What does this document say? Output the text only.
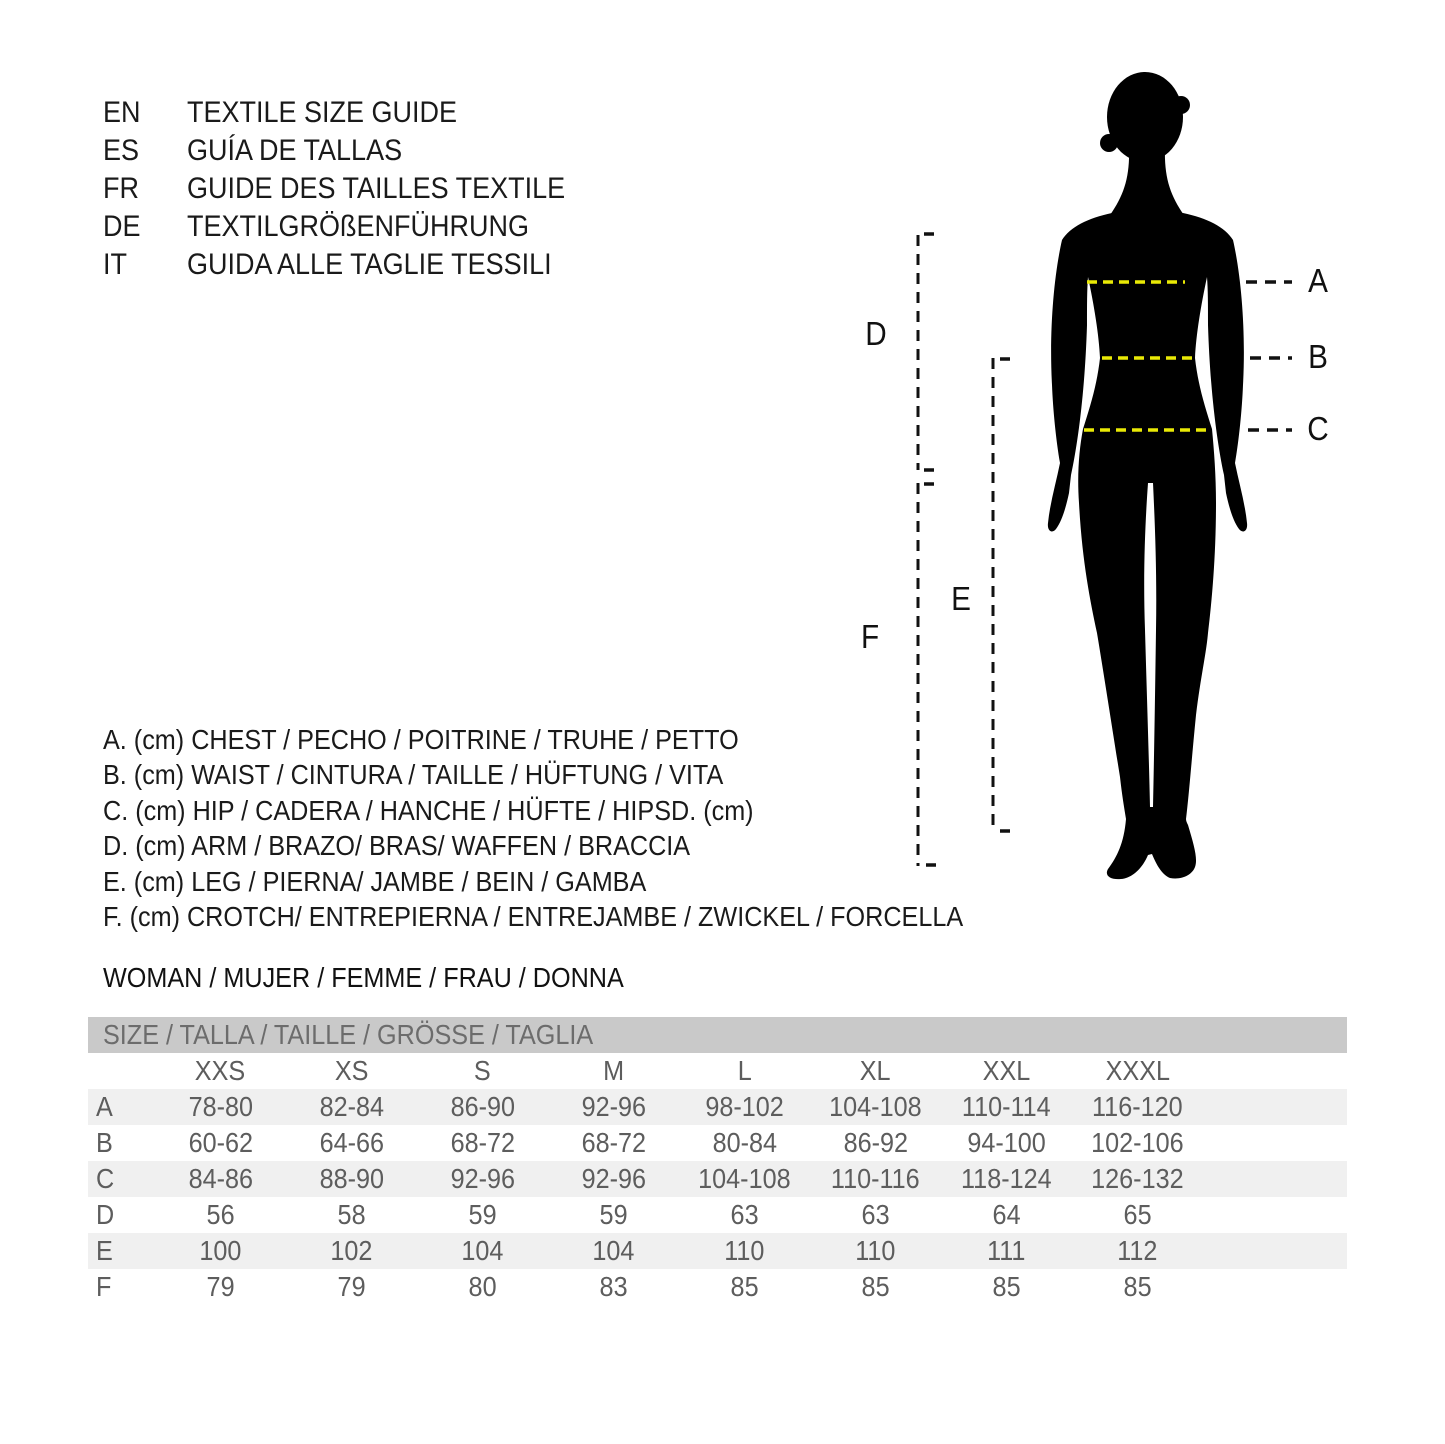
EN	TEXTILE SIZE GUIDE
ES	GUÍA DE TALLAS
FR	GUIDE DES TAILLES TEXTILE
DE	TEXTILGRÖßENFÜHRUNG
IT	GUIDA ALLE TAGLIE TESSILI
A. (cm) CHEST / PECHO / POITRINE / TRUHE / PETTO
B. (cm) WAIST / CINTURA / TAILLE / HÜFTUNG / VITA
C. (cm) HIP / CADERA / HANCHE / HÜFTE / HIPSD. (cm)
D. (cm) ARM / BRAZO/ BRAS/ WAFFEN / BRACCIA
E. (cm) LEG / PIERNA/ JAMBE / BEIN / GAMBA
F. (cm) CROTCH/ ENTREPIERNA / ENTREJAMBE / ZWICKEL / FORCELLA
WOMAN / MUJER / FEMME / FRAU / DONNA
SIZE / TALLA / TAILLE / GRÖSSE / TAGLIA
	XXS	XS	S	M	L	XL	XXL	XXXL	
A	78-80	82-84	86-90	92-96	98-102	104-108	110-114	116-120	
B	60-62	64-66	68-72	68-72	80-84	86-92	94-100	102-106	
C	84-86	88-90	92-96	92-96	104-108	110-116	118-124	126-132	
D	56	58	59	59	63	63	64	65	
E	100	102	104	104	110	110	111	112	
F	79	79	80	83	85	85	85	85	
A
B
C
D
E
F
